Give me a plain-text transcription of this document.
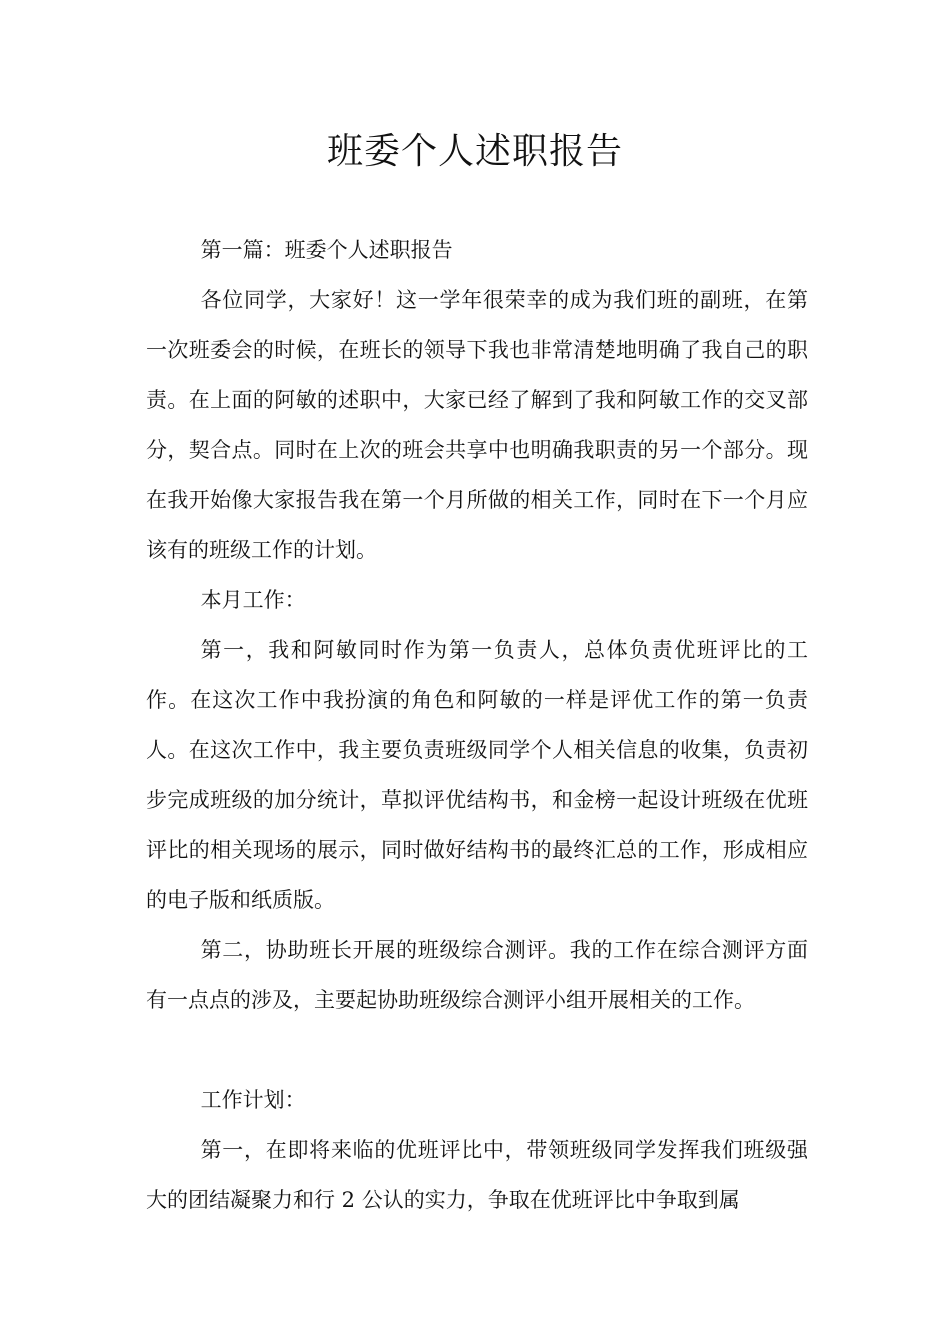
班委个人述职报告

第一篇：班委个人述职报告

各位同学，大家好！这一学年很荣幸的成为我们班的副班，在第一次班委会的时候，在班长的领导下我也非常清楚地明确了我自己的职责。在上面的阿敏的述职中，大家已经了解到了我和阿敏工作的交叉部分，契合点。同时在上次的班会共享中也明确我职责的另一个部分。现在我开始像大家报告我在第一个月所做的相关工作，同时在下一个月应该有的班级工作的计划。

本月工作：

第一，我和阿敏同时作为第一负责人，总体负责优班评比的工作。在这次工作中我扮演的角色和阿敏的一样是评优工作的第一负责人。在这次工作中，我主要负责班级同学个人相关信息的收集，负责初步完成班级的加分统计，草拟评优结构书，和金榜一起设计班级在优班评比的相关现场的展示，同时做好结构书的最终汇总的工作，形成相应的电子版和纸质版。

第二，协助班长开展的班级综合测评。我的工作在综合测评方面有一点点的涉及，主要起协助班级综合测评小组开展相关的工作。

工作计划：

第一，在即将来临的优班评比中，带领班级同学发挥我们班级强大的团结凝聚力和行 2 公认的实力，争取在优班评比中争取到属
